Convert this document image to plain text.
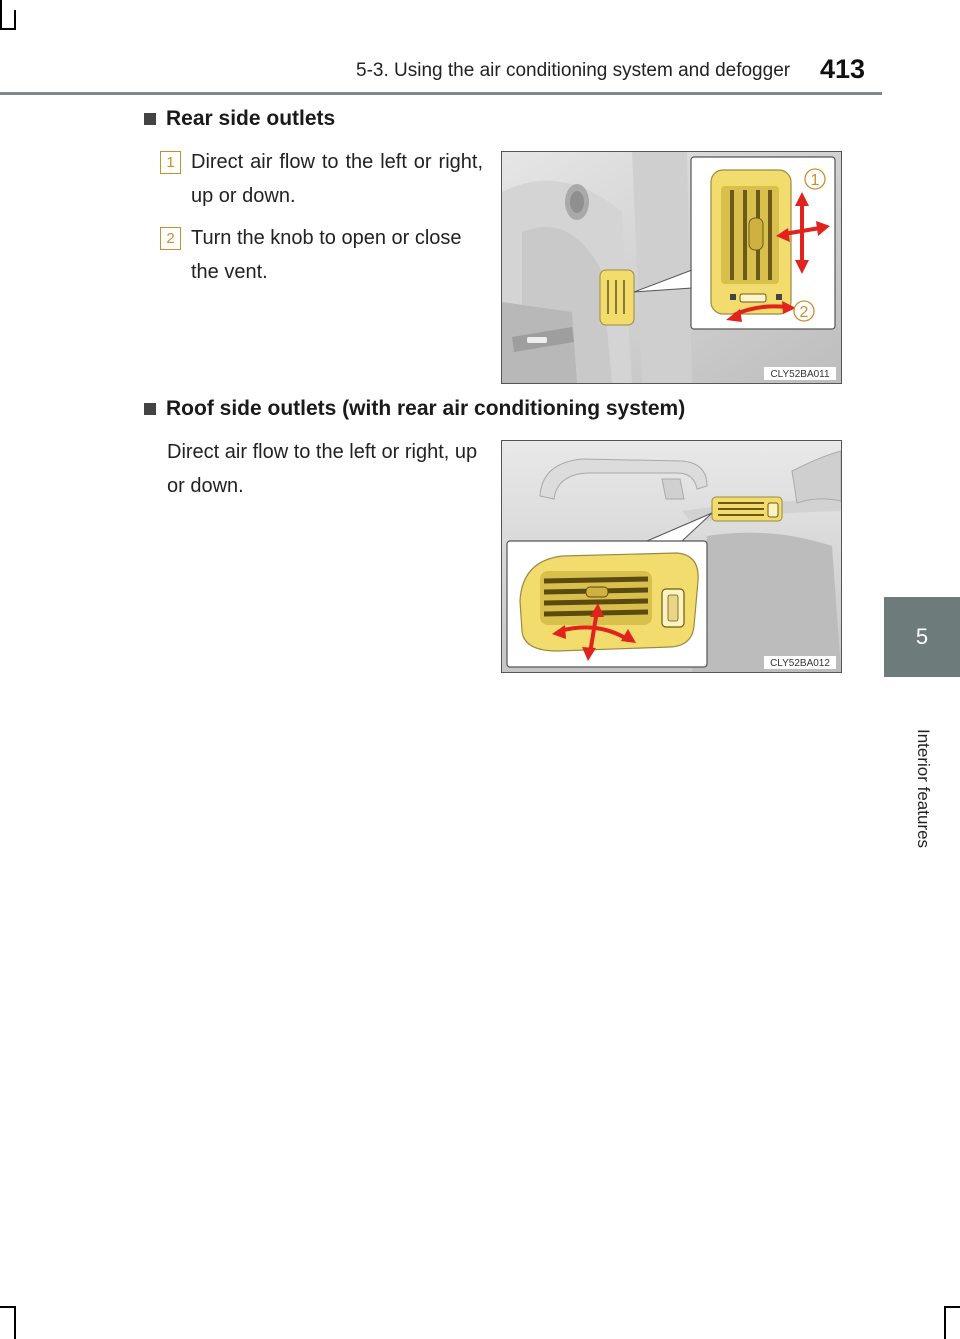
5-3. Using the air conditioning system and defogger 413
5
Interior features
Rear side outlets
1 Direct air flow to the left or right, up or down.
2 Turn the knob to open or close the vent.
1
2
CLY52BA011
Roof side outlets (with rear air conditioning system)
Direct air flow to the left or right, up or down.
CLY52BA012
